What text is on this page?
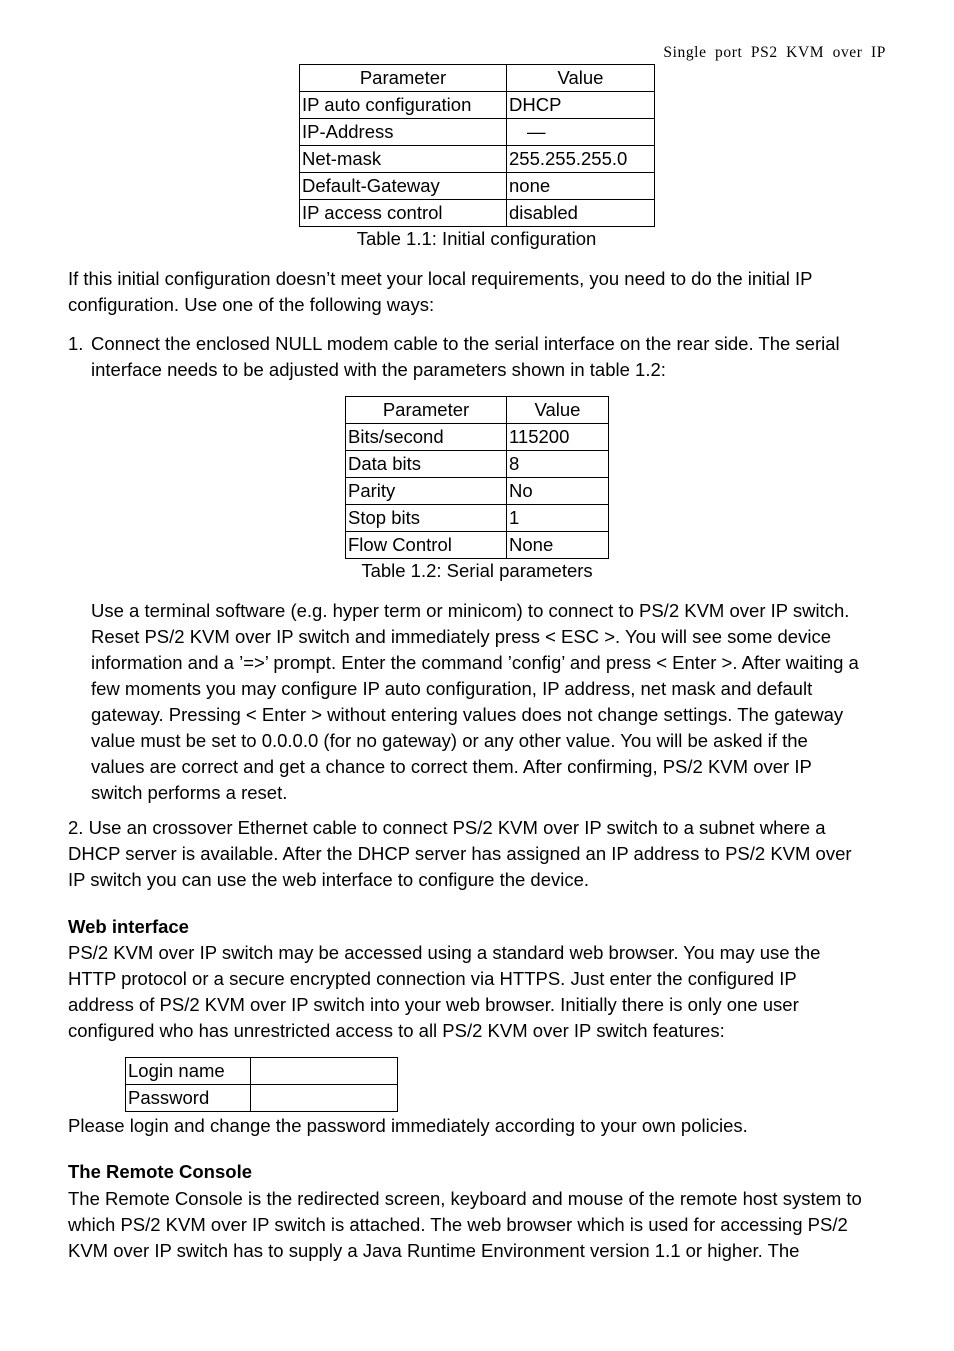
Single port PS2 KVM over IP
Parameter	Value
IP auto configuration	DHCP
IP-Address	—
Net-mask	255.255.255.0
Default-Gateway	none
IP access control	disabled
Table 1.1: Initial configuration
If this initial configuration doesn’t meet your local requirements, you need to do the initial IP
configuration. Use one of the following ways:
1. Connect the enclosed NULL modem cable to the serial interface on the rear side. The serial
interface needs to be adjusted with the parameters shown in table 1.2:
Parameter	Value
Bits/second	115200
Data bits	8
Parity	No
Stop bits	1
Flow Control	None
Table 1.2: Serial parameters
Use a terminal software (e.g. hyper term or minicom) to connect to PS/2 KVM over IP switch.
Reset PS/2 KVM over IP switch and immediately press < ESC >. You will see some device
information and a ’=>’ prompt. Enter the command ’config’ and press < Enter >. After waiting a
few moments you may configure IP auto configuration, IP address, net mask and default
gateway. Pressing < Enter > without entering values does not change settings. The gateway
value must be set to 0.0.0.0 (for no gateway) or any other value. You will be asked if the
values are correct and get a chance to correct them. After confirming, PS/2 KVM over IP
switch performs a reset.
2. Use an crossover Ethernet cable to connect PS/2 KVM over IP switch to a subnet where a
DHCP server is available. After the DHCP server has assigned an IP address to PS/2 KVM over
IP switch you can use the web interface to configure the device.
Web interface
PS/2 KVM over IP switch may be accessed using a standard web browser. You may use the
HTTP protocol or a secure encrypted connection via HTTPS. Just enter the configured IP
address of PS/2 KVM over IP switch into your web browser. Initially there is only one user
configured who has unrestricted access to all PS/2 KVM over IP switch features:
Login name	
Password	
Please login and change the password immediately according to your own policies.
The Remote Console
The Remote Console is the redirected screen, keyboard and mouse of the remote host system to
which PS/2 KVM over IP switch is attached. The web browser which is used for accessing PS/2
KVM over IP switch has to supply a Java Runtime Environment version 1.1 or higher. The
